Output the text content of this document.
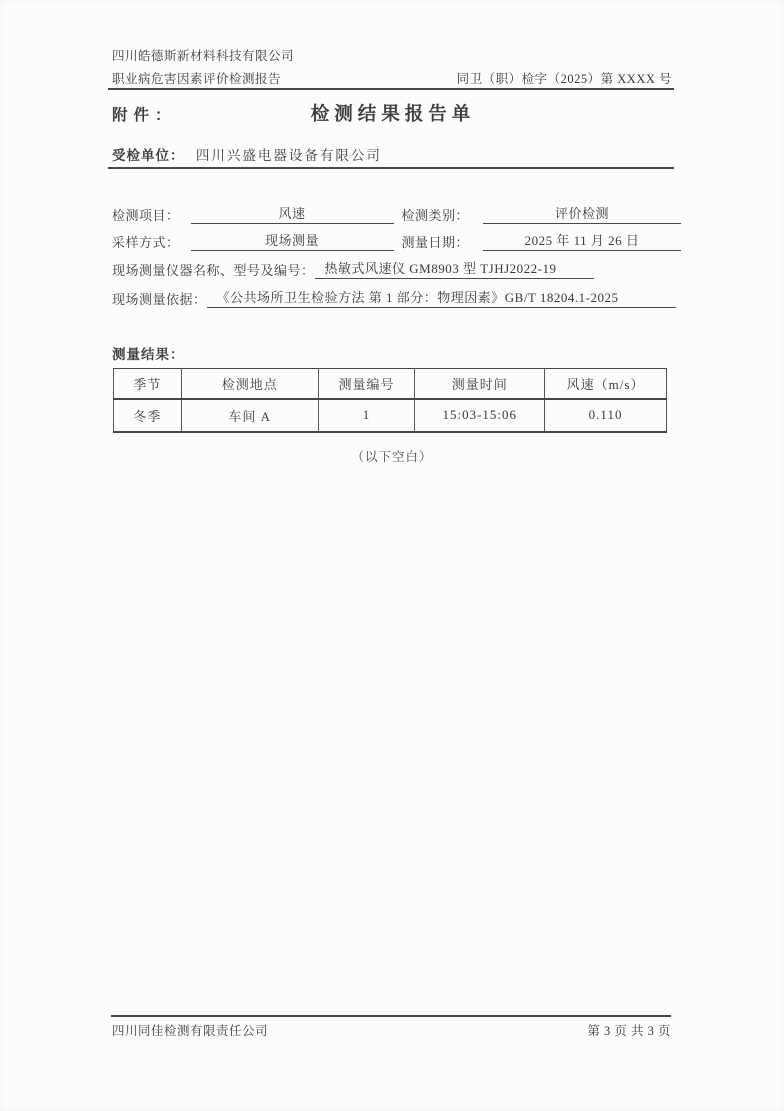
四川皓德斯新材料科技有限公司
职业病危害因素评价检测报告	同卫（职）检字（2025）第 XXXX 号
检测结果报告单
附件：
受检单位： 四川兴盛电器设备有限公司
检测项目：	风速	检测类别：	评价检测
采样方式：	现场测量	测量日期：	2025 年 11 月 26 日
现场测量仪器名称、型号及编号： 热敏式风速仪 GM8903 型 TJHJ2022-19
现场测量依据： 《公共场所卫生检验方法 第 1 部分：物理因素》GB/T 18204.1-2025
测量结果：
季节	检测地点	测量编号	测量时间	风速（m/s）
冬季	车间 A	1	15:03-15:06	0.110
（以下空白）
四川同佳检测有限责任公司	第 3 页 共 3 页
